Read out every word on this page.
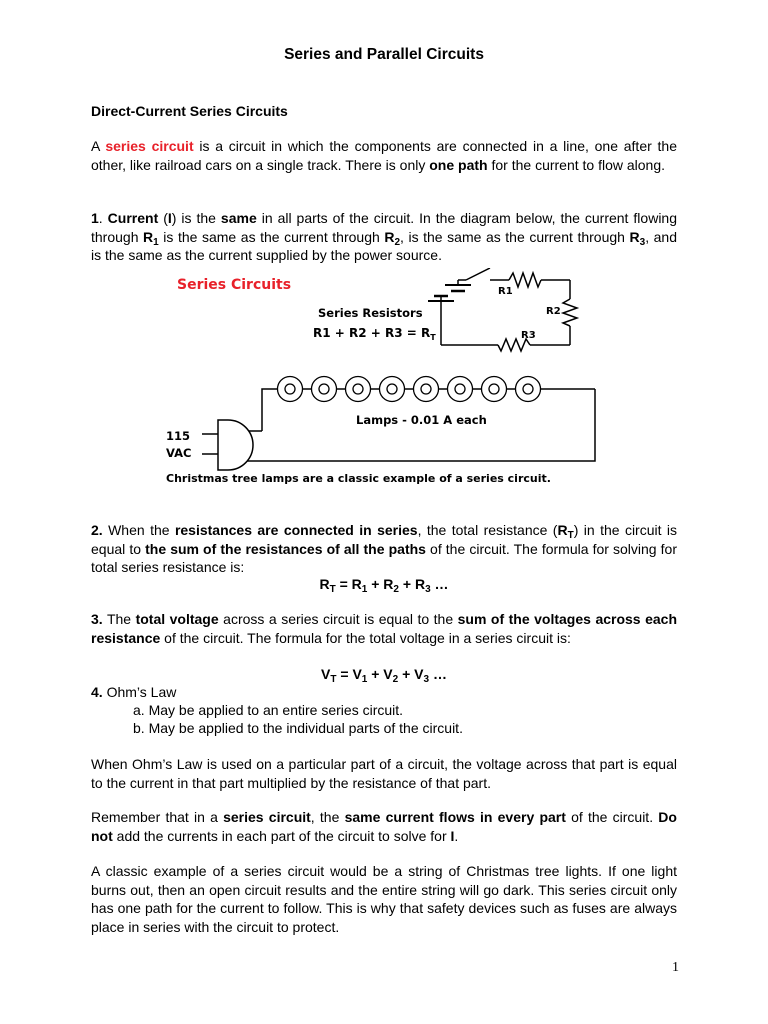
Series and Parallel Circuits
Direct-Current Series Circuits
A series circuit is a circuit in which the components are connected in a line, one after the other, like railroad cars on a single track. There is only one path for the current to flow along.
1. Current (I) is the same in all parts of the circuit. In the diagram below, the current flowing through $R_1$ is the same as the current through $R_2$, is the same as the current through $R_3$, and is the same as the current supplied by the power source.
Series Circuits	R1
R2
R3
Series Resistors
$R1 + R2 + R3 = R_T$
Lamps - 0.01 A each
115
VAC
Christmas tree lamps are a classic example of a series circuit.
2. When the resistances are connected in series, the total resistance $(R_T)$ in the circuit is equal to the sum of the resistances of all the paths of the circuit. The formula for solving for total series resistance is:
$R_T = R_1 + R_2 + R_3$ …
3. The total voltage across a series circuit is equal to the sum of the voltages across each resistance of the circuit. The formula for the total voltage in a series circuit is:
$V_T = V_1 + V_2 + V_3$ …
4. Ohm’s Law
a. May be applied to an entire series circuit.
b. May be applied to the individual parts of the circuit.
When Ohm’s Law is used on a particular part of a circuit, the voltage across that part is equal to the current in that part multiplied by the resistance of that part.
Remember that in a series circuit, the same current flows in every part of the circuit. Do not add the currents in each part of the circuit to solve for I.
A classic example of a series circuit would be a string of Christmas tree lights. If one light burns out, then an open circuit results and the entire string will go dark. This series circuit only has one path for the current to follow. This is why that safety devices such as fuses are always place in series with the circuit to protect.
1
